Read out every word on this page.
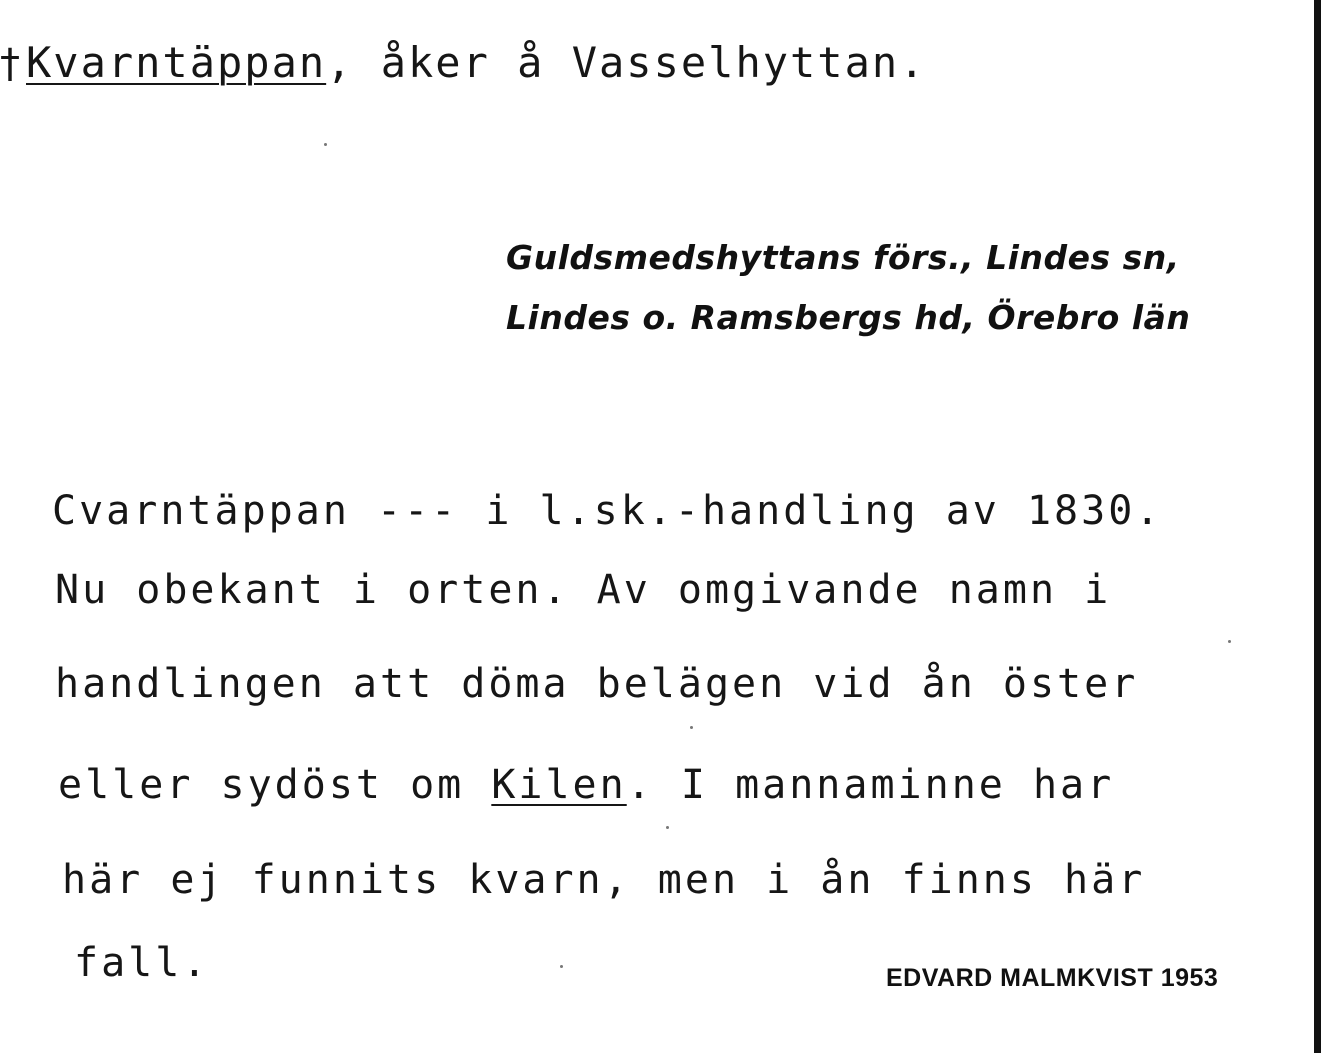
†Kvarntäppan, åker å Vasselhyttan.
Guldsmedshyttans förs., Lindes sn,
Lindes o. Ramsbergs hd, Örebro län
Cvarntäppan --- i l.sk.-handling av 1830.
Nu obekant i orten. Av omgivande namn i
handlingen att döma belägen vid ån öster
eller sydöst om Kilen. I mannaminne har
här ej funnits kvarn, men i ån finns här
fall.	EDVARD MALMKVIST 1953
